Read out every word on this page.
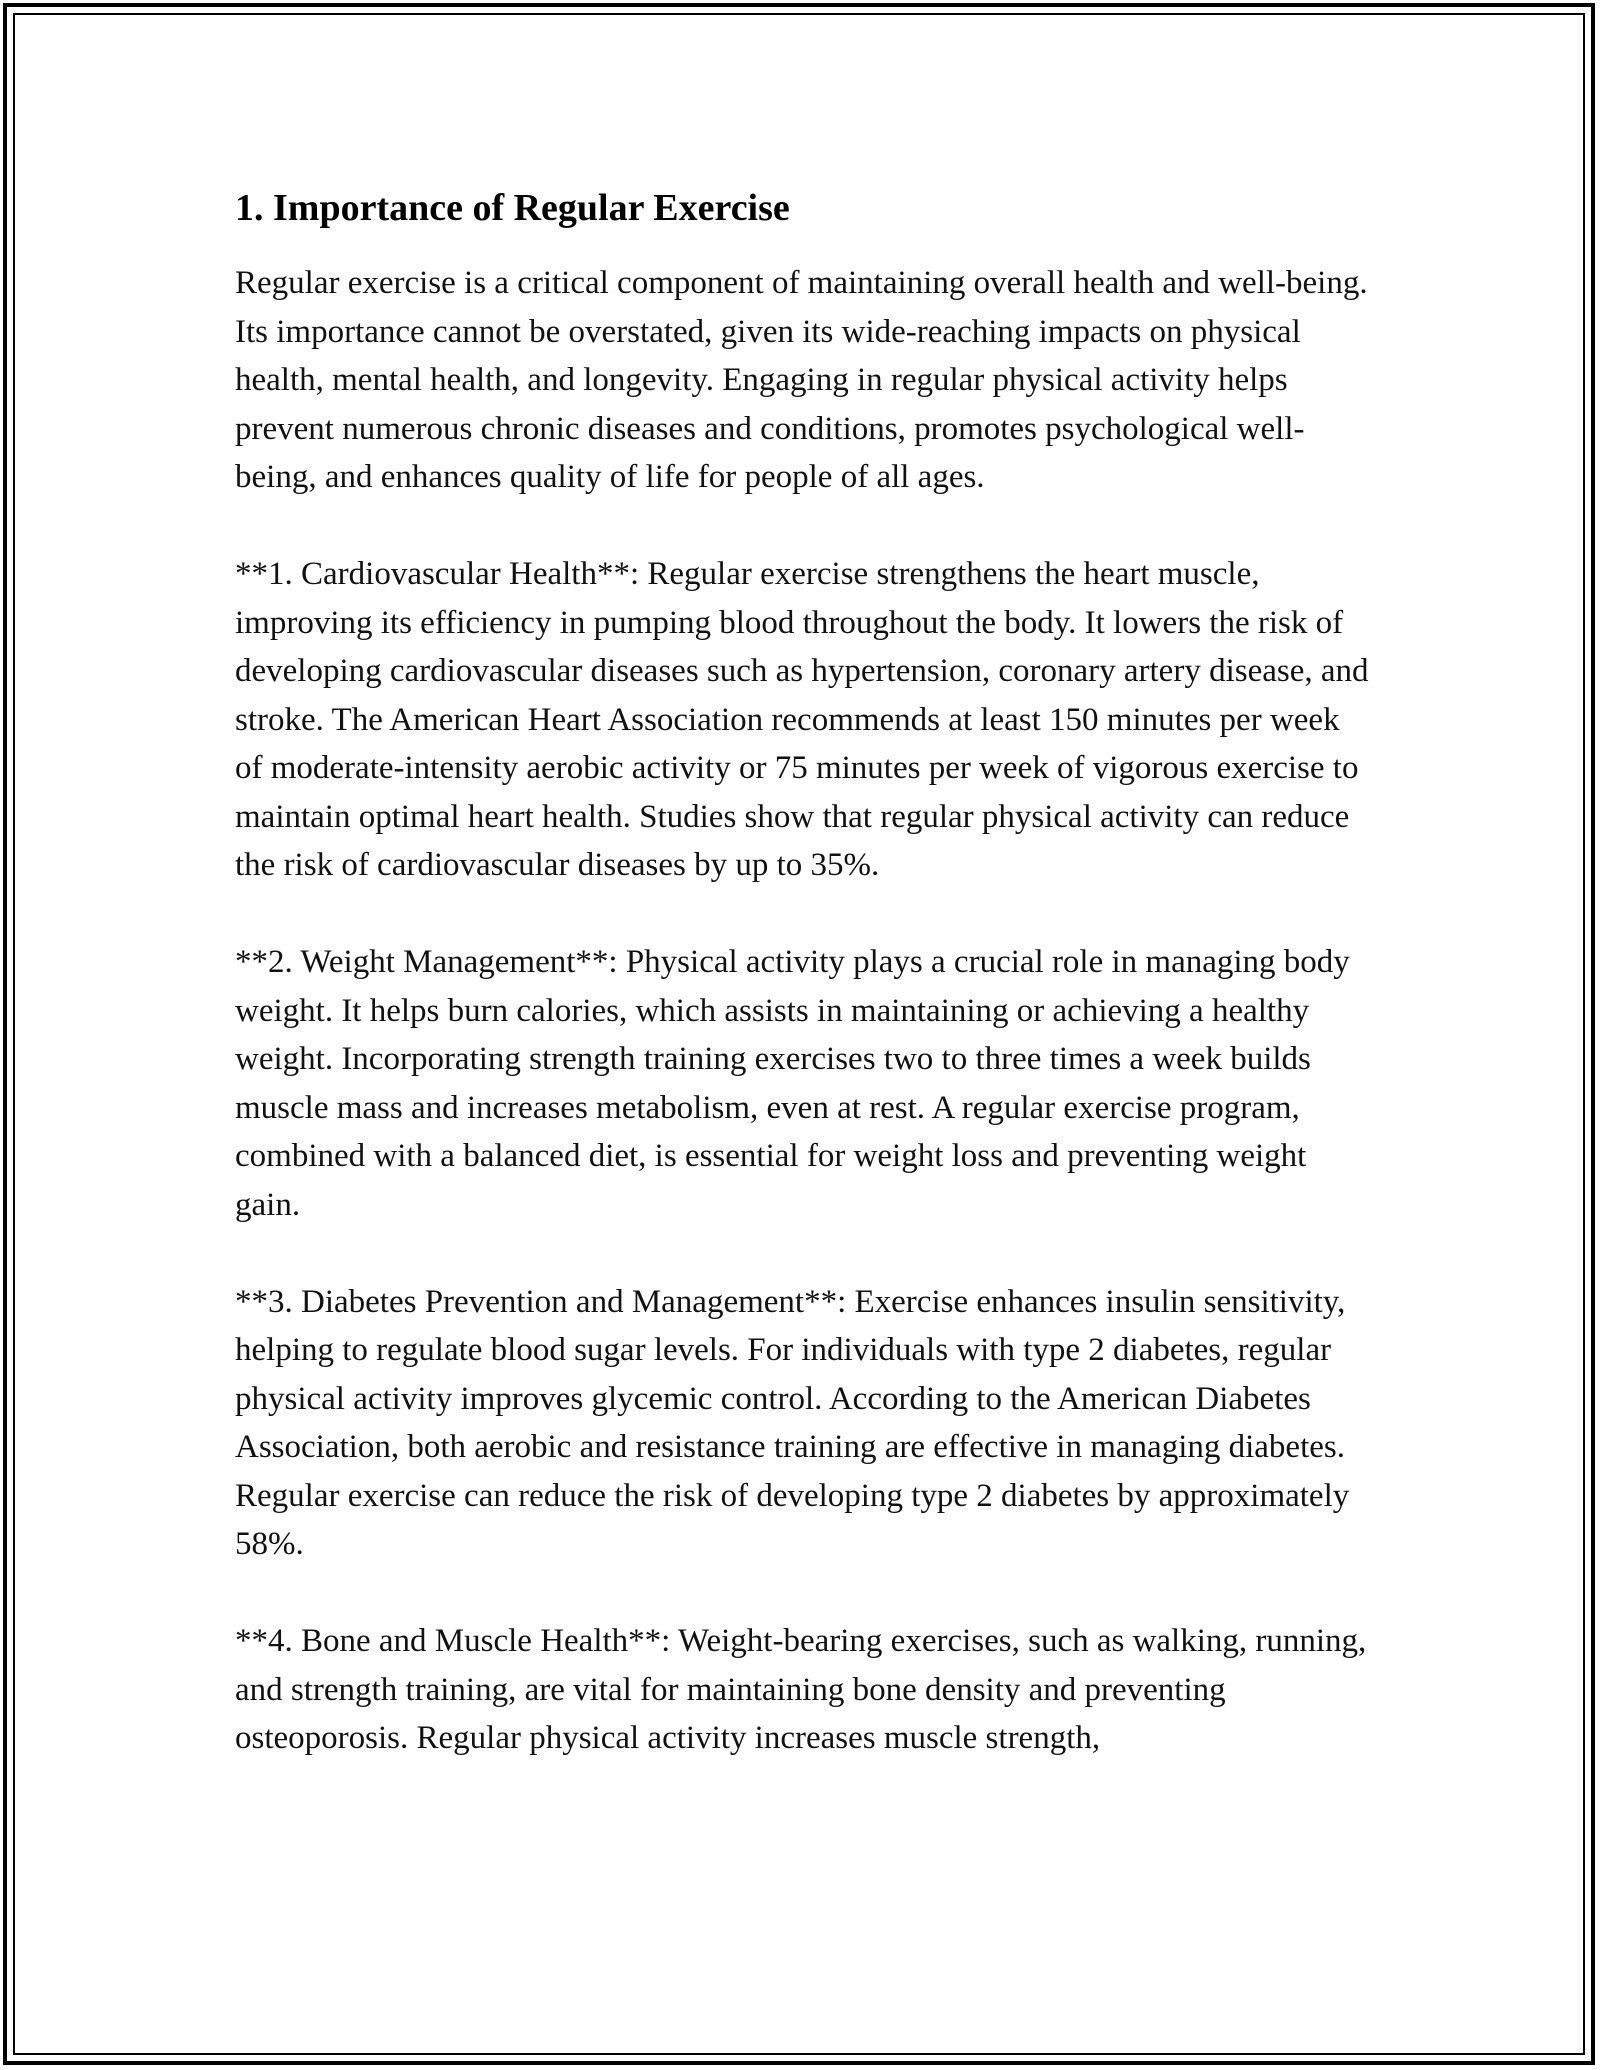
1. Importance of Regular Exercise

Regular exercise is a critical component of maintaining overall health and well-being. Its importance cannot be overstated, given its wide-reaching impacts on physical health, mental health, and longevity. Engaging in regular physical activity helps prevent numerous chronic diseases and conditions, promotes psychological well-being, and enhances quality of life for people of all ages.

**1. Cardiovascular Health**: Regular exercise strengthens the heart muscle, improving its efficiency in pumping blood throughout the body. It lowers the risk of developing cardiovascular diseases such as hypertension, coronary artery disease, and stroke. The American Heart Association recommends at least 150 minutes per week of moderate-intensity aerobic activity or 75 minutes per week of vigorous exercise to maintain optimal heart health. Studies show that regular physical activity can reduce the risk of cardiovascular diseases by up to 35%.

**2. Weight Management**: Physical activity plays a crucial role in managing body weight. It helps burn calories, which assists in maintaining or achieving a healthy weight. Incorporating strength training exercises two to three times a week builds muscle mass and increases metabolism, even at rest. A regular exercise program, combined with a balanced diet, is essential for weight loss and preventing weight gain.

**3. Diabetes Prevention and Management**: Exercise enhances insulin sensitivity, helping to regulate blood sugar levels. For individuals with type 2 diabetes, regular physical activity improves glycemic control. According to the American Diabetes Association, both aerobic and resistance training are effective in managing diabetes. Regular exercise can reduce the risk of developing type 2 diabetes by approximately 58%.

**4. Bone and Muscle Health**: Weight-bearing exercises, such as walking, running, and strength training, are vital for maintaining bone density and preventing osteoporosis. Regular physical activity increases muscle strength,
